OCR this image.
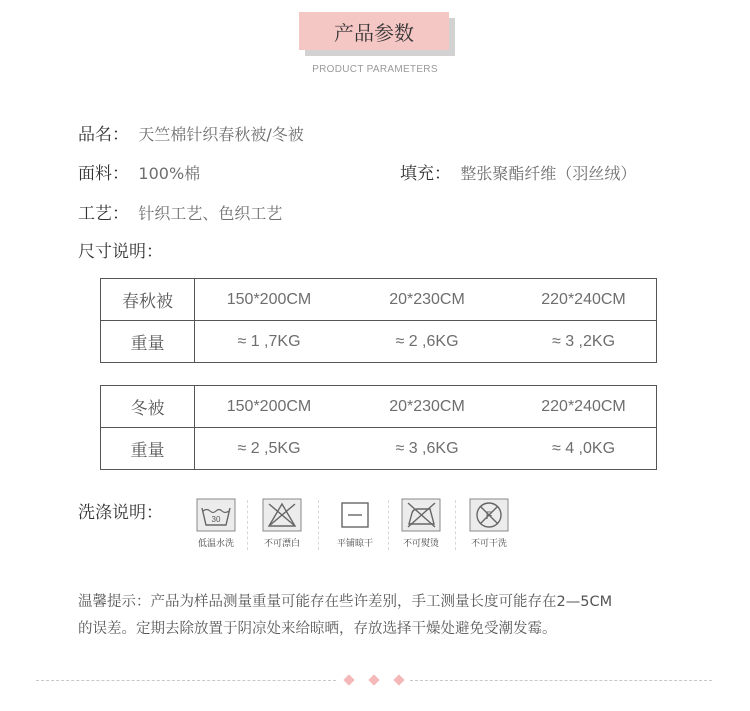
产品参数
PRODUCT PARAMETERS
品名： 天竺棉针织春秋被/冬被
面料： 100%棉	填充： 整张聚酯纤维（羽丝绒）
工艺： 针织工艺、色织工艺
尺寸说明：
春秋被	150*200CM	20*230CM	220*240CM
重量	≈ 1 ,7KG	≈ 2 ,6KG	≈ 3 ,2KG
冬被	150*200CM	20*230CM	220*240CM
重量	≈ 2 ,5KG	≈ 3 ,6KG	≈ 4 ,0KG
洗涤说明：	30
低温水洗	不可漂白	平铺晾干	不可熨烫
F
不可干洗

温馨提示：产品为样品测量重量可能存在些许差别，手工测量长度可能存在2—5CM

的误差。定期去除放置于阴凉处来给晾晒，存放选择干燥处避免受潮发霉。
